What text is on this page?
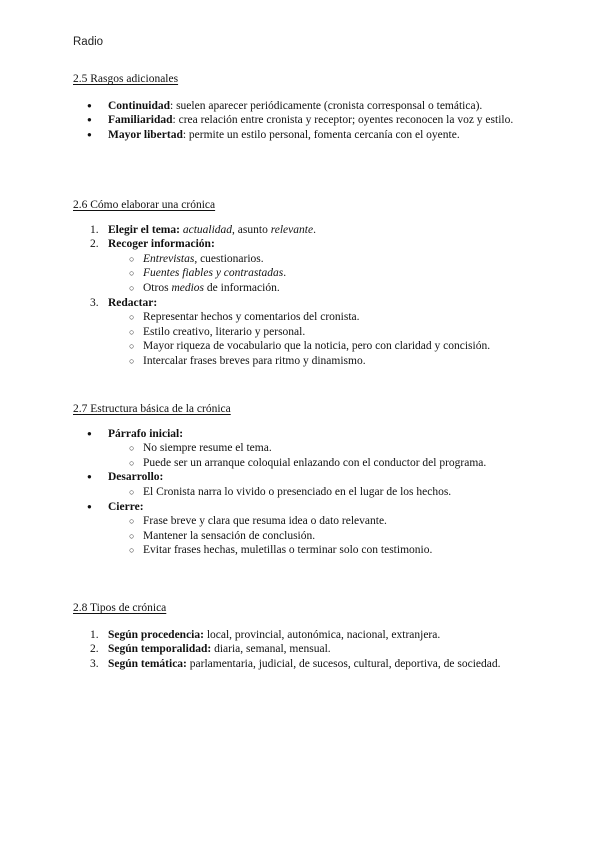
Radio
2.5 Rasgos adicionales
● Continuidad: suelen aparecer periódicamente (cronista corresponsal o temática).
● Familiaridad: crea relación entre cronista y receptor; oyentes reconocen la voz y estilo.
● Mayor libertad: permite un estilo personal, fomenta cercanía con el oyente.
2.6 Cómo elaborar una crónica
1. Elegir el tema: actualidad, asunto relevante.
2. Recoger información:
○ Entrevistas, cuestionarios.
○ Fuentes fiables y contrastadas.
○ Otros medios de información.
3. Redactar:
○ Representar hechos y comentarios del cronista.
○ Estilo creativo, literario y personal.
○ Mayor riqueza de vocabulario que la noticia, pero con claridad y concisión.
○ Intercalar frases breves para ritmo y dinamismo.
2.7 Estructura básica de la crónica
● Párrafo inicial:
○ No siempre resume el tema.
○ Puede ser un arranque coloquial enlazando con el conductor del programa.
● Desarrollo:
○ El Cronista narra lo vivido o presenciado en el lugar de los hechos.
● Cierre:
○ Frase breve y clara que resuma idea o dato relevante.
○ Mantener la sensación de conclusión.
○ Evitar frases hechas, muletillas o terminar solo con testimonio.
2.8 Tipos de crónica
1. Según procedencia: local, provincial, autonómica, nacional, extranjera.
2. Según temporalidad: diaria, semanal, mensual.
3. Según temática: parlamentaria, judicial, de sucesos, cultural, deportiva, de sociedad.
